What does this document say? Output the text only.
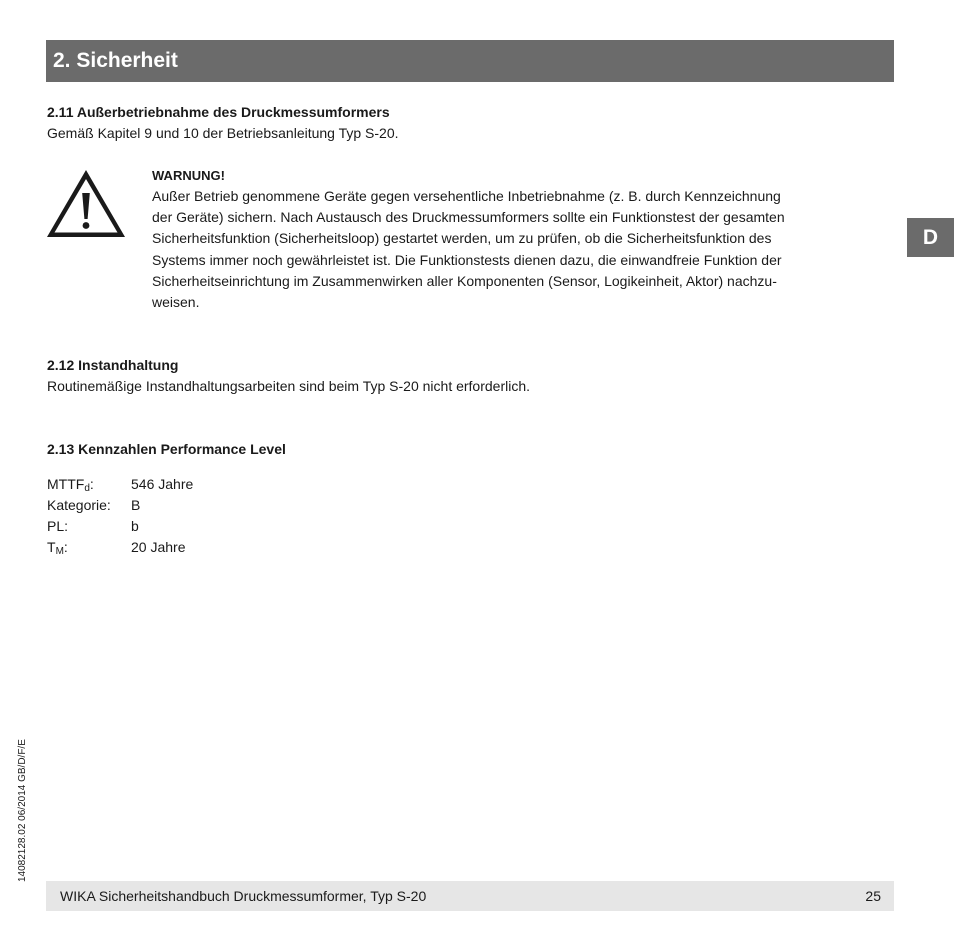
2. Sicherheit
2.11 Außerbetriebnahme des Druckmessumformers
Gemäß Kapitel 9 und 10 der Betriebsanleitung Typ S-20.
WARNUNG!
Außer Betrieb genommene Geräte gegen versehentliche Inbetriebnahme (z. B. durch Kennzeichnung
der Geräte) sichern. Nach Austausch des Druckmessumformers sollte ein Funktionstest der gesamten
Sicherheitsfunktion (Sicherheitsloop) gestartet werden, um zu prüfen, ob die Sicherheitsfunktion des
Systems immer noch gewährleistet ist. Die Funktionstests dienen dazu, die einwandfreie Funktion der
Sicherheitseinrichtung im Zusammenwirken aller Komponenten (Sensor, Logikeinheit, Aktor) nachzu-
weisen.
D
2.12 Instandhaltung
Routinemäßige Instandhaltungsarbeiten sind beim Typ S-20 nicht erforderlich.
2.13 Kennzahlen Performance Level
$MTTF_d$:	546 Jahre
Kategorie: B
PL:	b
$T_M$:	20 Jahre
14082128.02 06/2014 GB/D/F/E
WIKA Sicherheitshandbuch Druckmessumformer, Typ S-20	25
